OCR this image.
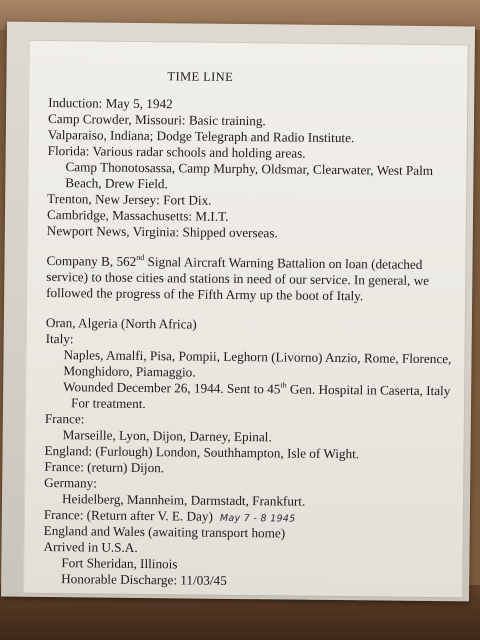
TIME LINE
Induction: May 5, 1942
Camp Crowder, Missouri: Basic training.
Valparaiso, Indiana; Dodge Telegraph and Radio Institute.
Florida: Various radar schools and holding areas.
Camp Thonotosassa, Camp Murphy, Oldsmar, Clearwater, West Palm
Beach, Drew Field.
Trenton, New Jersey: Fort Dix.
Cambridge, Massachusetts: M.I.T.
Newport News, Virginia: Shipped overseas.
Company B, 562nd Signal Aircraft Warning Battalion on loan (detached
service) to those cities and stations in need of our service. In general, we
followed the progress of the Fifth Army up the boot of Italy.
Oran, Algeria (North Africa)
Italy:
Naples, Amalfi, Pisa, Pompii, Leghorn (Livorno) Anzio, Rome, Florence,
Monghidoro, Piamaggio.
Wounded December 26, 1944. Sent to 45th Gen. Hospital in Caserta, Italy
For treatment.
France:
Marseille, Lyon, Dijon, Darney, Epinal.
England: (Furlough) London, Southhampton, Isle of Wight.
France: (return) Dijon.
Germany:
Heidelberg, Mannheim, Darmstadt, Frankfurt.
France: (Return after V. E. Day) May 7 - 8 1945
England and Wales (awaiting transport home)
Arrived in U.S.A.
Fort Sheridan, Illinois
Honorable Discharge: 11/03/45
